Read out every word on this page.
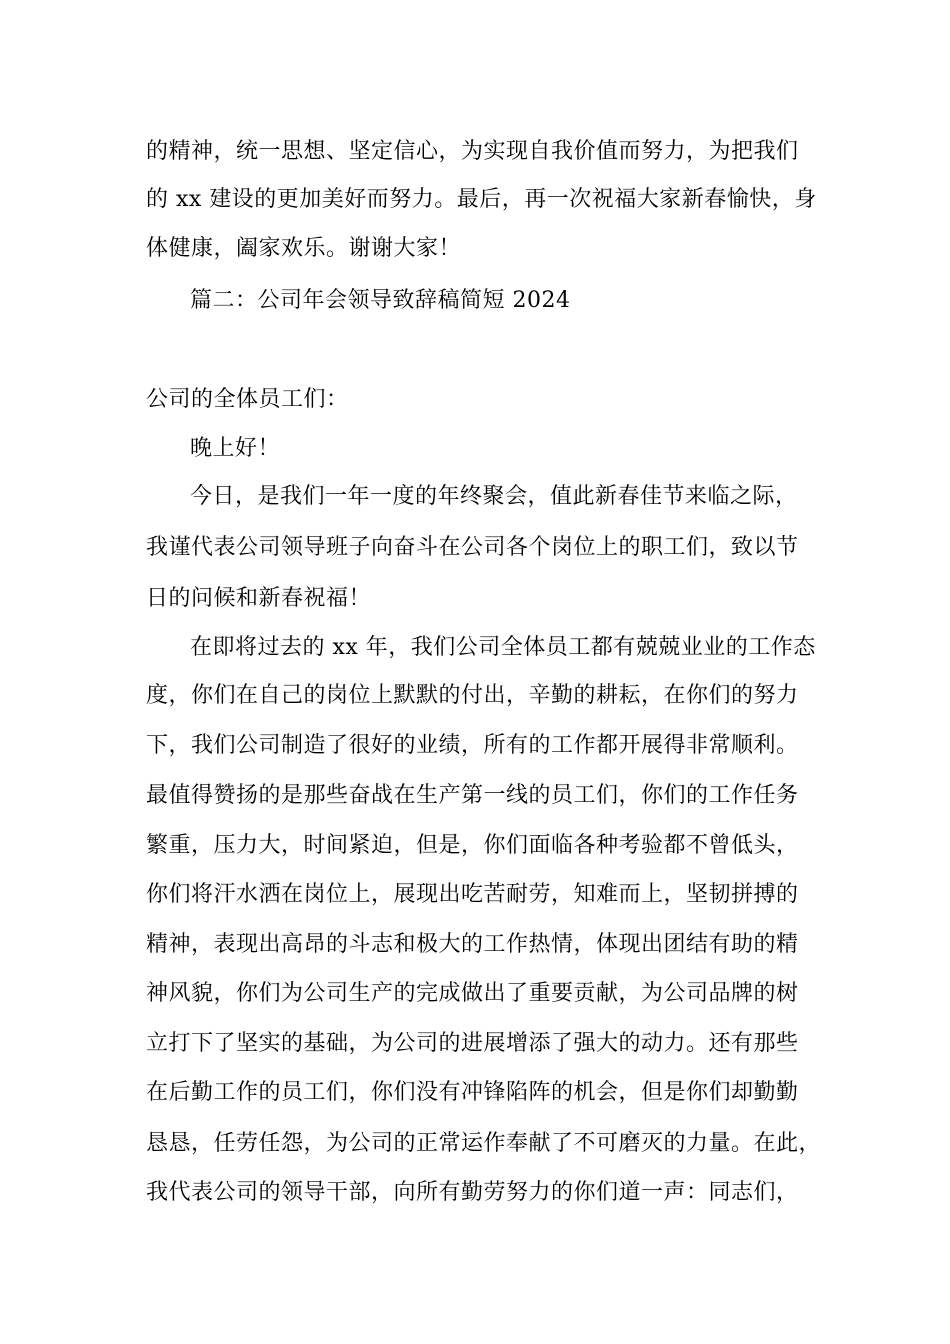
的精神，统一思想、坚定信心，为实现自我价值而努力，为把我们
的 xx 建设的更加美好而努力。最后，再一次祝福大家新春愉快，身
体健康，阖家欢乐。谢谢大家！
篇二：公司年会领导致辞稿简短 2024
公司的全体员工们：
晚上好！
今日，是我们一年一度的年终聚会，值此新春佳节来临之际，
我谨代表公司领导班子向奋斗在公司各个岗位上的职工们，致以节
日的问候和新春祝福！
在即将过去的 xx 年，我们公司全体员工都有兢兢业业的工作态
度，你们在自己的岗位上默默的付出，辛勤的耕耘，在你们的努力
下，我们公司制造了很好的业绩，所有的工作都开展得非常顺利。
最值得赞扬的是那些奋战在生产第一线的员工们，你们的工作任务
繁重，压力大，时间紧迫，但是，你们面临各种考验都不曾低头，
你们将汗水洒在岗位上，展现出吃苦耐劳，知难而上，坚韧拼搏的
精神，表现出高昂的斗志和极大的工作热情，体现出团结有助的精
神风貌，你们为公司生产的完成做出了重要贡献，为公司品牌的树
立打下了坚实的基础，为公司的进展增添了强大的动力。还有那些
在后勤工作的员工们，你们没有冲锋陷阵的机会，但是你们却勤勤
恳恳，任劳任怨，为公司的正常运作奉献了不可磨灭的力量。在此，
我代表公司的领导干部，向所有勤劳努力的你们道一声：同志们，
